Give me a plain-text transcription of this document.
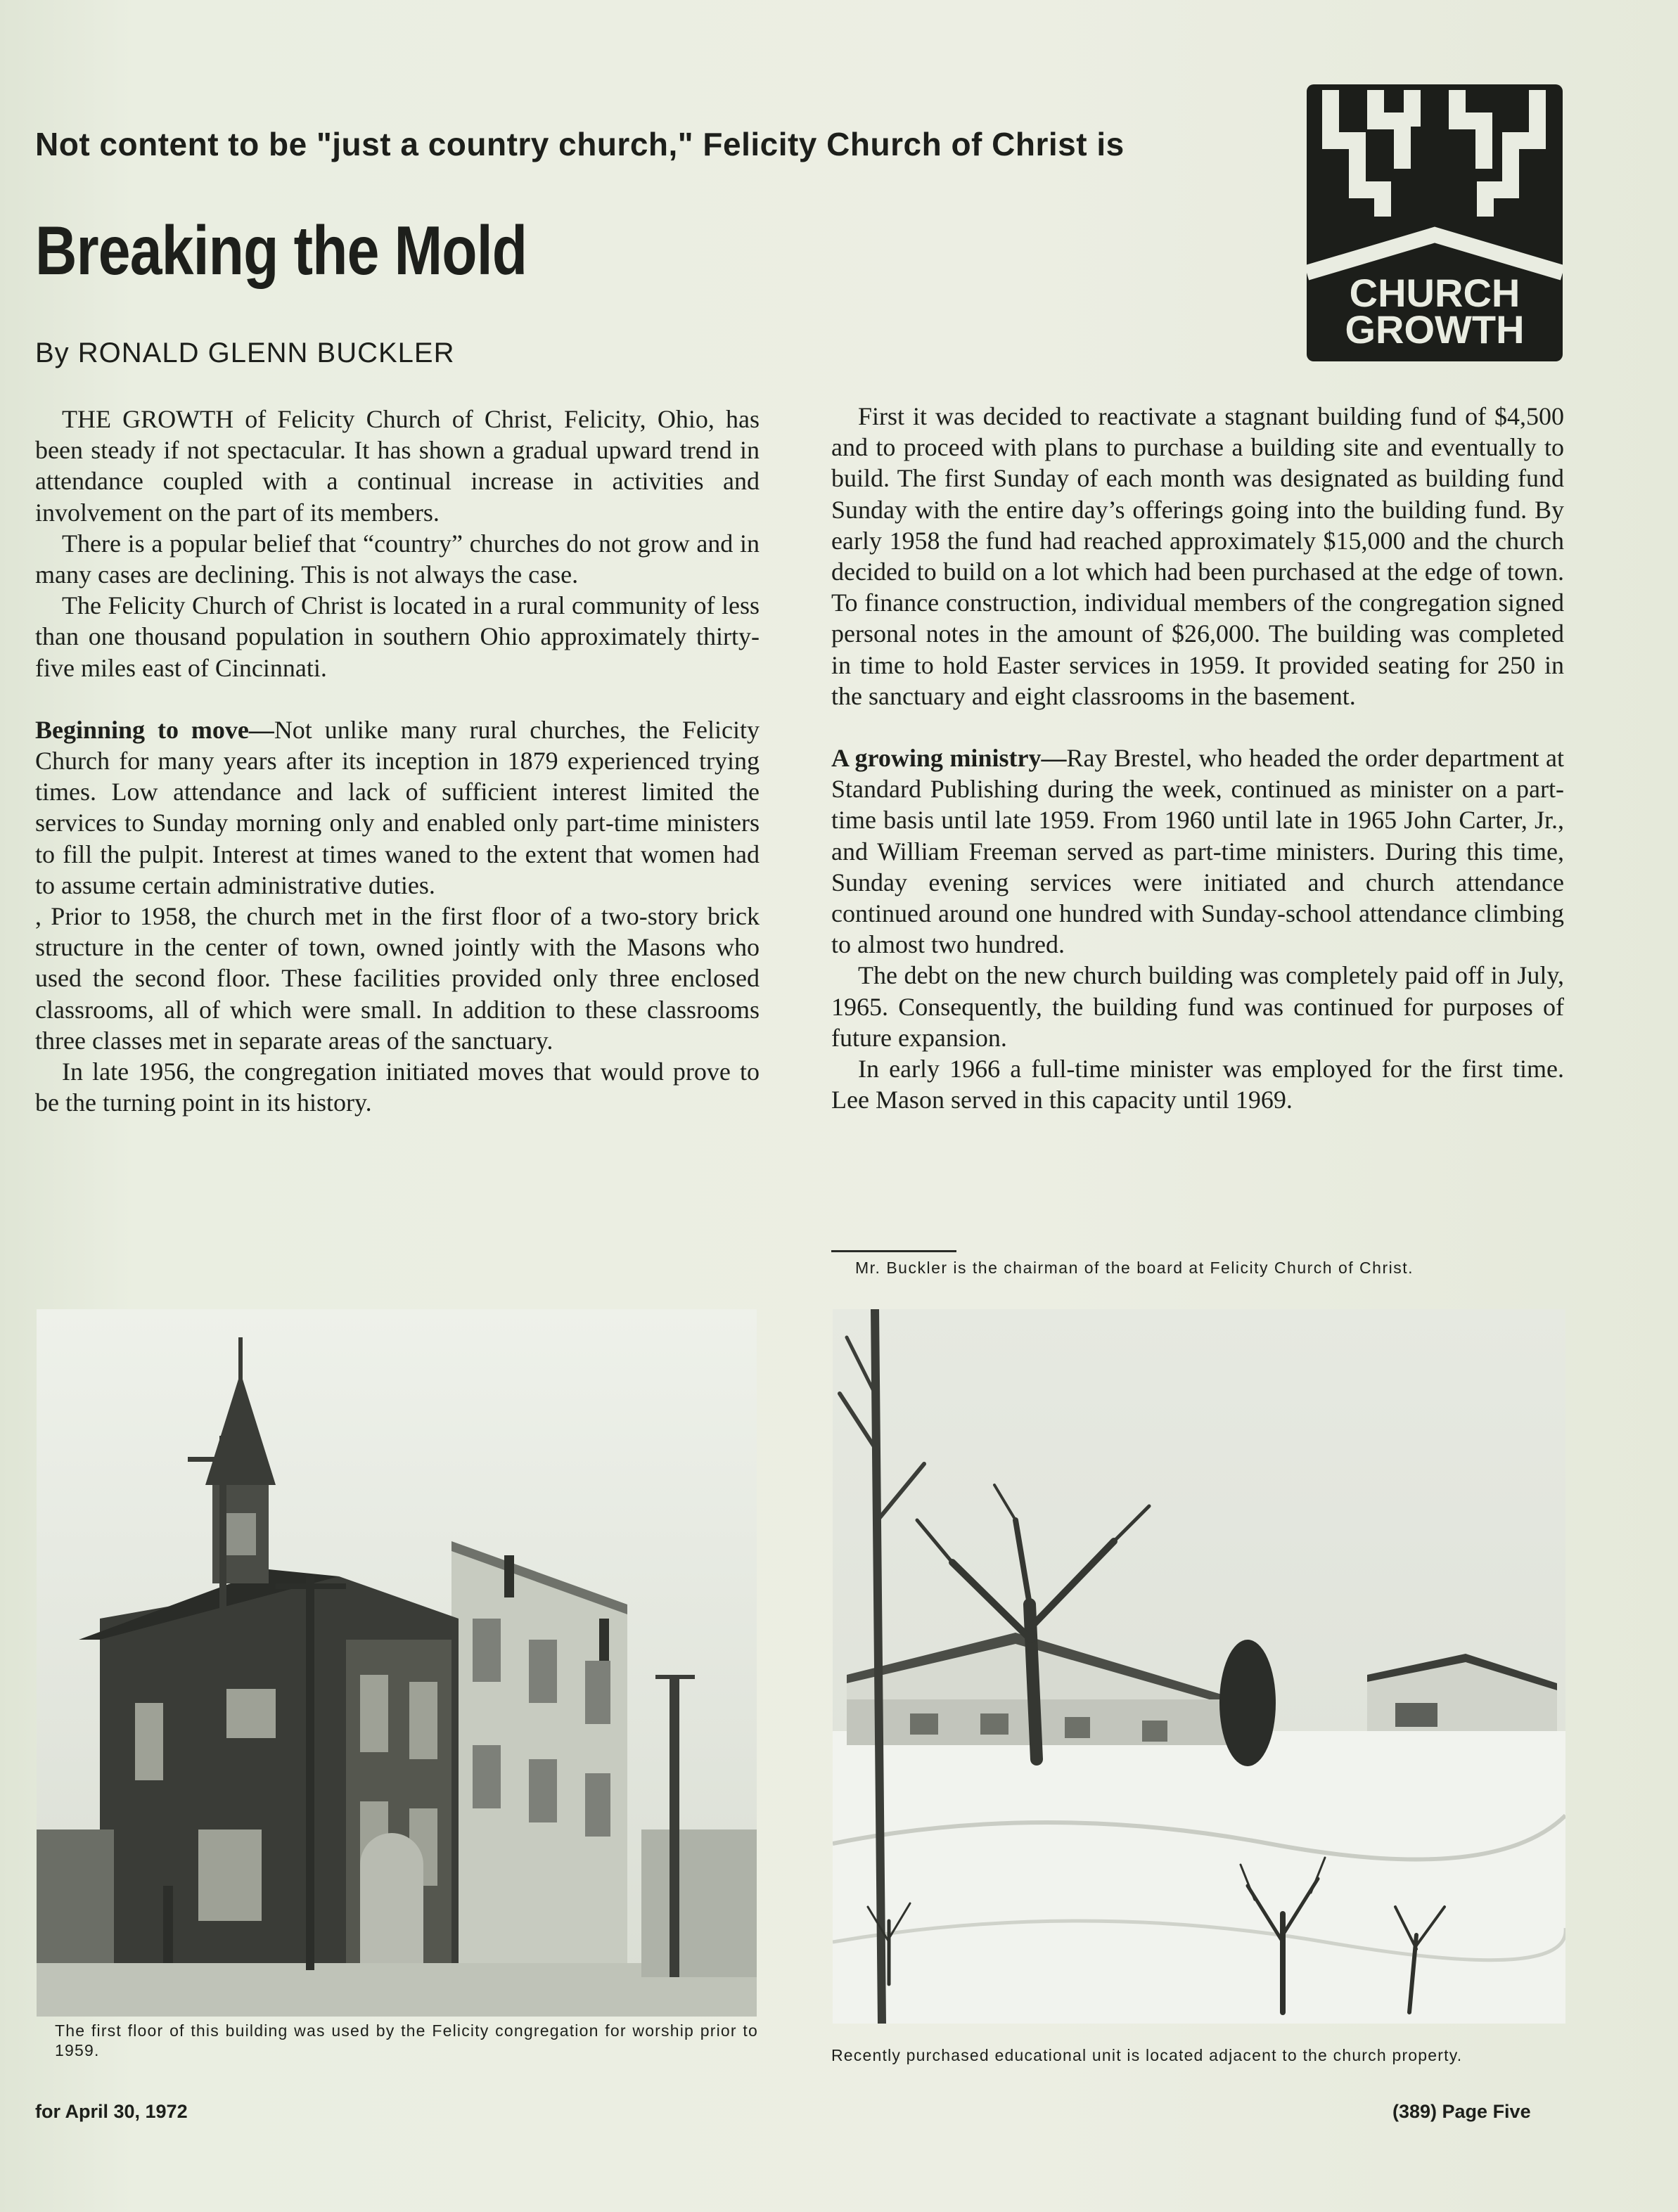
Not content to be "just a country church," Felicity Church of Christ is
Breaking the Mold
By RONALD GLENN BUCKLER
CHURCH
GROWTH

THE GROWTH of Felicity Church of Christ, Felicity, Ohio, has been steady if not spectacular. It has shown a gradual upward trend in attendance coupled with a continual increase in activities and involvement on the part of its members.

There is a popular belief that “country” churches do not grow and in many cases are declining. This is not always the case.

The Felicity Church of Christ is located in a rural community of less than one thousand population in southern Ohio approximately thirty-five miles east of Cincinnati.

Beginning to move—Not unlike many rural churches, the Felicity Church for many years after its inception in 1879 experienced trying times. Low attendance and lack of sufficient interest limited the services to Sunday morning only and enabled only part-time ministers to fill the pulpit. Interest at times waned to the extent that women had to assume certain administrative duties.

, Prior to 1958, the church met in the first floor of a two-story brick structure in the center of town, owned jointly with the Masons who used the second floor. These facilities provided only three enclosed classrooms, all of which were small. In addition to these classrooms three classes met in separate areas of the sanctuary.

In late 1956, the congregation initiated moves that would prove to be the turning point in its history.

First it was decided to reactivate a stagnant building fund of $4,500 and to proceed with plans to purchase a building site and eventually to build. The first Sunday of each month was designated as building fund Sunday with the entire day’s offerings going into the building fund. By early 1958 the fund had reached approximately $15,000 and the church decided to build on a lot which had been purchased at the edge of town. To finance construction, individual members of the congregation signed personal notes in the amount of $26,000. The building was completed in time to hold Easter services in 1959. It provided seating for 250 in the sanctuary and eight classrooms in the basement.

A growing ministry—Ray Brestel, who headed the order department at Standard Publishing during the week, continued as minister on a part-time basis until late 1959. From 1960 until late in 1965 John Carter, Jr., and William Freeman served as part-time ministers. During this time, Sunday evening services were initiated and church attendance continued around one hundred with Sunday-school attendance climbing to almost two hundred.

The debt on the new church building was completely paid off in July, 1965. Consequently, the building fund was continued for purposes of future expansion.

In early 1966 a full-time minister was employed for the first time. Lee Mason served in this capacity until 1969.

Mr. Buckler is the chairman of the board at Felicity Church of Christ.
The first floor of this building was used by the Felicity congregation for worship prior to 1959.	Recently purchased educational unit is located adjacent to the church property.
for April 30, 1972	(389) Page Five
